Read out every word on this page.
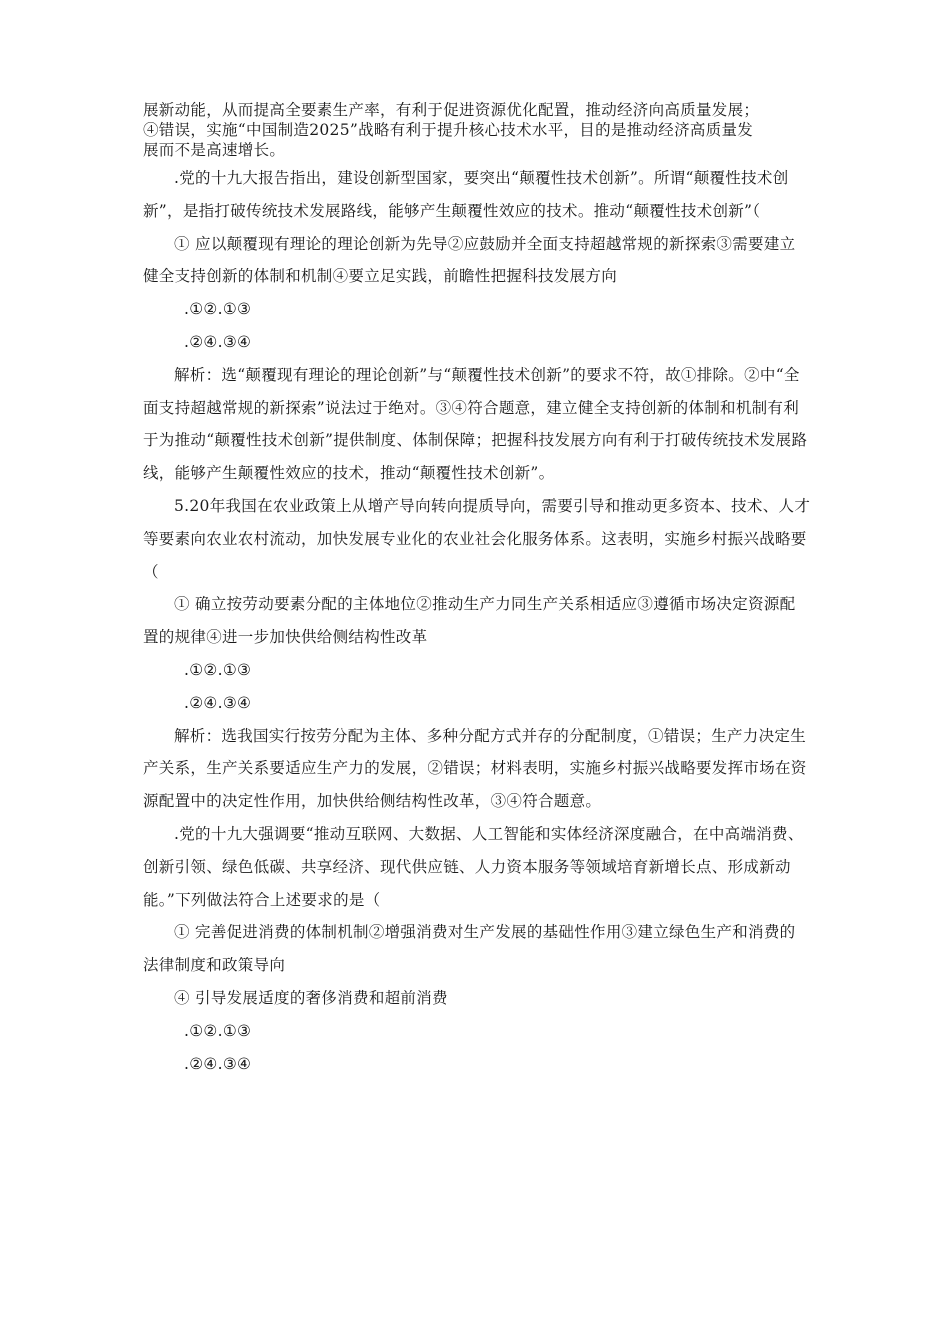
展新动能，从而提高全要素生产率，有利于促进资源优化配置，推动经济向高质量发展；

④错误，实施“中国制造2025”战略有利于提升核心技术水平，目的是推动经济高质量发

展而不是高速增长。

.党的十九大报告指出，建设创新型国家，要突出“颠覆性技术创新”。所谓“颠覆性技术创新”，是指打破传统技术发展路线，能够产生颠覆性效应的技术。推动“颠覆性技术创新”（

① 应以颠覆现有理论的理论创新为先导②应鼓励并全面支持超越常规的新探索③需要建立健全支持创新的体制和机制④要立足实践，前瞻性把握科技发展方向

.①②.①③

.②④.③④

解析：选“颠覆现有理论的理论创新”与“颠覆性技术创新”的要求不符，故①排除。②中“全面支持超越常规的新探索”说法过于绝对。③④符合题意，建立健全支持创新的体制和机制有利于为推动“颠覆性技术创新”提供制度、体制保障；把握科技发展方向有利于打破传统技术发展路线，能够产生颠覆性效应的技术，推动“颠覆性技术创新”。

5.20年我国在农业政策上从增产导向转向提质导向，需要引导和推动更多资本、技术、人才等要素向农业农村流动，加快发展专业化的农业社会化服务体系。这表明，实施乡村振兴战略要（

① 确立按劳动要素分配的主体地位②推动生产力同生产关系相适应③遵循市场决定资源配置的规律④进一步加快供给侧结构性改革

.①②.①③

.②④.③④

解析：选我国实行按劳分配为主体、多种分配方式并存的分配制度，①错误；生产力决定生产关系，生产关系要适应生产力的发展，②错误；材料表明，实施乡村振兴战略要发挥市场在资源配置中的决定性作用，加快供给侧结构性改革，③④符合题意。

.党的十九大强调要“推动互联网、大数据、人工智能和实体经济深度融合，在中高端消费、创新引领、绿色低碳、共享经济、现代供应链、人力资本服务等领域培育新增长点、形成新动能。”下列做法符合上述要求的是（

① 完善促进消费的体制机制②增强消费对生产发展的基础性作用③建立绿色生产和消费的法律制度和政策导向

④ 引导发展适度的奢侈消费和超前消费

.①②.①③

.②④.③④
